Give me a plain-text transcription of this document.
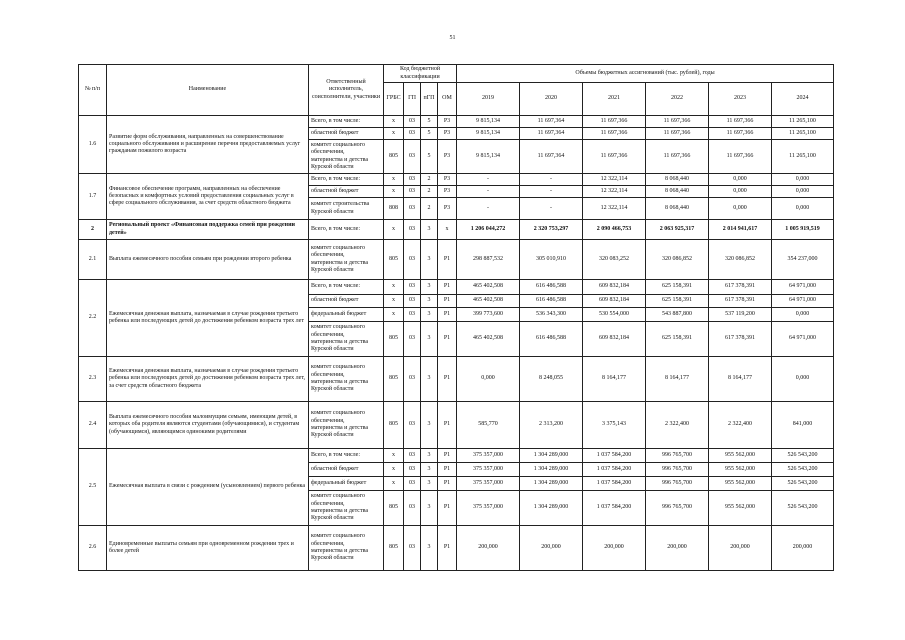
51
№ п/п	Наименование	Ответственный исполнитель, соисполнители, участники	Код бюджетной классификации				Объемы бюджетных ассигнований (тыс. рублей), годы					
			ГРБС	ГП	пГП	ОМ	2019	2020	2021	2022	2023	2024
1.6	Развитие форм обслуживания, направленных на совершенствование социального обслуживания и расширение перечня предоставляемых услуг гражданам пожилого возраста	Всего, в том числе:	x	03	5	Р3	9 815,134	11 697,364	11 697,366	11 697,366	11 697,366	11 265,100
		областной бюджет	x	03	5	Р3	9 815,134	11 697,364	11 697,366	11 697,366	11 697,366	11 265,100
		комитет социального обеспечения,
материнства и детства Курской области	805	03	5	Р3	9 815,134	11 697,364	11 697,366	11 697,366	11 697,366	11 265,100
1.7	Финансовое обеспечение программ, направленных на обеспечение безопасных и комфортных условий предоставления социальных услуг в сфере социального обслуживания, за счет средств областного бюджета	Всего, в том числе:	x	03	2	Р3	-	-	12 322,114	8 068,440	0,000	0,000
		областной бюджет	x	03	2	Р3	-	-	12 322,114	8 068,440	0,000	0,000
		комитет строительства Курской области	808	03	2	Р3	-	-	12 322,114	8 068,440	0,000	0,000
2	Региональный проект «Финансовая поддержка семей при рождении детей»	Всего, в том числе:	x	03	3	x	1 206 044,272	2 320 753,297	2 090 466,753	2 063 925,317	2 014 941,617	1 005 919,519
2.1	Выплата ежемесячного пособия семьям при рождении второго ребенка	комитет социального обеспечения,
материнства и детства Курской области	805	03	3	Р1	298 887,532	305 010,910	320 083,252	320 086,852	320 086,852	354 237,000
2.2	Ежемесячная денежная выплата, назначаемая в случае рождения третьего ребенка или последующих детей до достижения ребенком возраста трех лет	Всего, в том числе:	x	03	3	Р1	465 402,508	616 486,588	609 832,184	625 158,391	617 378,391	64 971,000
		областной бюджет	x	03	3	Р1	465 402,508	616 486,588	609 832,184	625 158,391	617 378,391	64 971,000
		федеральный бюджет	x	03	3	Р1	399 773,600	536 343,300	530 554,000	543 887,800	537 119,200	0,000
		комитет социального обеспечения,
материнства и детства Курской области	805	03	3	Р1	465 402,508	616 486,588	609 832,184	625 158,391	617 378,391	64 971,000
2.3	Ежемесячная денежная выплата, назначаемая в случае рождения третьего ребенка или последующих детей до достижения ребенком возраста трех лет, за счет средств областного бюджета	комитет социального обеспечения,
материнства и детства Курской области	805	03	3	Р1	0,000	8 248,055	8 164,177	8 164,177	8 164,177	0,000
2.4	Выплата ежемесячного пособия малоимущим семьям, имеющим детей, в которых оба родителя являются студентами (обучающимися), и студентам (обучающимся), являющимся одинокими родителями	комитет социального обеспечения,
материнства и детства Курской области	805	03	3	Р1	585,770	2 313,200	3 375,143	2 322,400	2 322,400	841,000
2.5	Ежемесячная выплата в связи с рождением (усыновлением) первого ребенка	Всего, в том числе:	x	03	3	Р1	375 357,000	1 304 289,000	1 037 584,200	996 765,700	955 562,000	526 543,200
		областной бюджет	x	03	3	Р1	375 357,000	1 304 289,000	1 037 584,200	996 765,700	955 562,000	526 543,200
		федеральный бюджет	x	03	3	Р1	375 357,000	1 304 289,000	1 037 584,200	996 765,700	955 562,000	526 543,200
		комитет социального обеспечения,
материнства и детства Курской области	805	03	3	Р1	375 357,000	1 304 289,000	1 037 584,200	996 765,700	955 562,000	526 543,200
2.6	Единовременные выплаты семьям при одновременном рождении трех и более детей	комитет социального обеспечения,
материнства и детства Курской области	805	03	3	Р1	200,000	200,000	200,000	200,000	200,000	200,000
